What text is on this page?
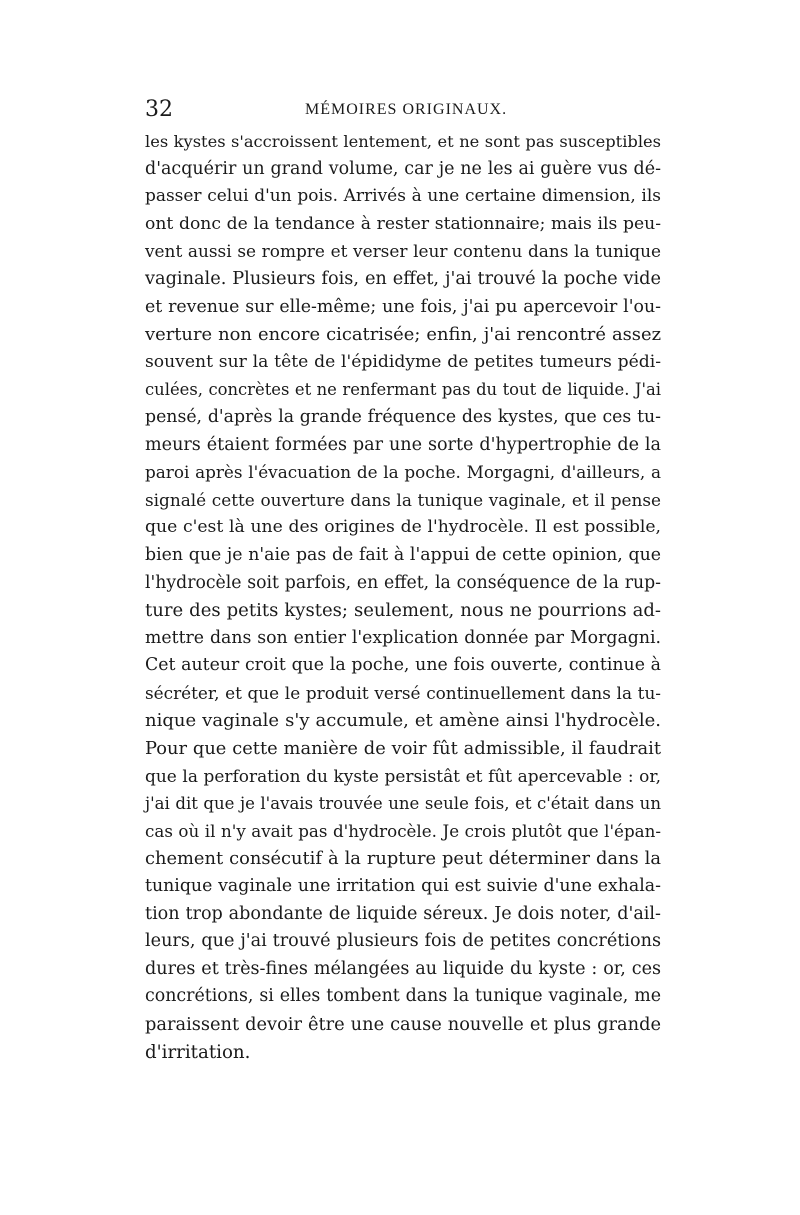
32	MÉMOIRES ORIGINAUX.
les kystes s'accroissent lentement, et ne sont pas susceptibles
d'acquérir un grand volume, car je ne les ai guère vus dé-
passer celui d'un pois. Arrivés à une certaine dimension, ils
ont donc de la tendance à rester stationnaire; mais ils peu-
vent aussi se rompre et verser leur contenu dans la tunique
vaginale. Plusieurs fois, en effet, j'ai trouvé la poche vide
et revenue sur elle-même; une fois, j'ai pu apercevoir l'ou-
verture non encore cicatrisée; enfin, j'ai rencontré assez
souvent sur la tête de l'épididyme de petites tumeurs pédi-
culées, concrètes et ne renfermant pas du tout de liquide. J'ai
pensé, d'après la grande fréquence des kystes, que ces tu-
meurs étaient formées par une sorte d'hypertrophie de la
paroi après l'évacuation de la poche. Morgagni, d'ailleurs, a
signalé cette ouverture dans la tunique vaginale, et il pense
que c'est là une des origines de l'hydrocèle. Il est possible,
bien que je n'aie pas de fait à l'appui de cette opinion, que
l'hydrocèle soit parfois, en effet, la conséquence de la rup-
ture des petits kystes; seulement, nous ne pourrions ad-
mettre dans son entier l'explication donnée par Morgagni.
Cet auteur croit que la poche, une fois ouverte, continue à
sécréter, et que le produit versé continuellement dans la tu-
nique vaginale s'y accumule, et amène ainsi l'hydrocèle.
Pour que cette manière de voir fût admissible, il faudrait
que la perforation du kyste persistât et fût apercevable : or,
j'ai dit que je l'avais trouvée une seule fois, et c'était dans un
cas où il n'y avait pas d'hydrocèle. Je crois plutôt que l'épan-
chement consécutif à la rupture peut déterminer dans la
tunique vaginale une irritation qui est suivie d'une exhala-
tion trop abondante de liquide séreux. Je dois noter, d'ail-
leurs, que j'ai trouvé plusieurs fois de petites concrétions
dures et très-fines mélangées au liquide du kyste : or, ces
concrétions, si elles tombent dans la tunique vaginale, me
paraissent devoir être une cause nouvelle et plus grande
d'irritation.
